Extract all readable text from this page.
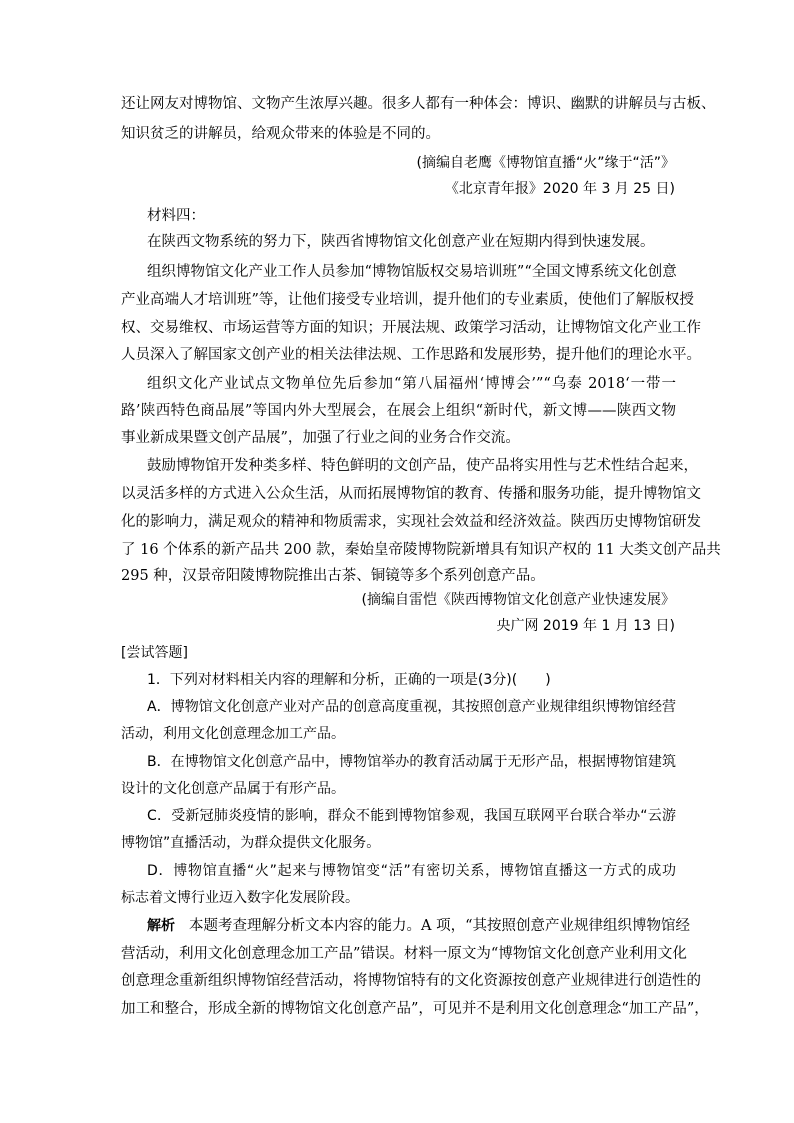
还让网友对博物馆、文物产生浓厚兴趣。很多人都有一种体会：博识、幽默的讲解员与古板、
知识贫乏的讲解员，给观众带来的体验是不同的。
(摘编自老鹰《博物馆直播“火”缘于“活”》
《北京青年报》2020 年 3 月 25 日)
材料四：
在陕西文物系统的努力下，陕西省博物馆文化创意产业在短期内得到快速发展。
组织博物馆文化产业工作人员参加“博物馆版权交易培训班”“全国文博系统文化创意
产业高端人才培训班”等，让他们接受专业培训，提升他们的专业素质，使他们了解版权授
权、交易维权、市场运营等方面的知识；开展法规、政策学习活动，让博物馆文化产业工作
人员深入了解国家文创产业的相关法律法规、工作思路和发展形势，提升他们的理论水平。
组织文化产业试点文物单位先后参加“第八届福州‘博博会’”“乌泰 2018‘一带一
路’陕西特色商品展”等国内外大型展会，在展会上组织“新时代，新文博——陕西文物
事业新成果暨文创产品展”，加强了行业之间的业务合作交流。
鼓励博物馆开发种类多样、特色鲜明的文创产品，使产品将实用性与艺术性结合起来，
以灵活多样的方式进入公众生活，从而拓展博物馆的教育、传播和服务功能，提升博物馆文
化的影响力，满足观众的精神和物质需求，实现社会效益和经济效益。陕西历史博物馆研发
了 16 个体系的新产品共 200 款，秦始皇帝陵博物院新增具有知识产权的 11 大类文创产品共
295 种，汉景帝阳陵博物院推出古茶、铜镜等多个系列创意产品。
(摘编自雷恺《陕西博物馆文化创意产业快速发展》
央广网 2019 年 1 月 13 日)
[尝试答题]
1．下列对材料相关内容的理解和分析，正确的一项是(3分)(　　)
A．博物馆文化创意产业对产品的创意高度重视，其按照创意产业规律组织博物馆经营
活动，利用文化创意理念加工产品。
B．在博物馆文化创意产品中，博物馆举办的教育活动属于无形产品，根据博物馆建筑
设计的文化创意产品属于有形产品。
C．受新冠肺炎疫情的影响，群众不能到博物馆参观，我国互联网平台联合举办“云游
博物馆”直播活动，为群众提供文化服务。
D．博物馆直播“火”起来与博物馆变“活”有密切关系，博物馆直播这一方式的成功
标志着文博行业迈入数字化发展阶段。
解析 本题考查理解分析文本内容的能力。A 项，“其按照创意产业规律组织博物馆经
营活动，利用文化创意理念加工产品”错误。材料一原文为“博物馆文化创意产业利用文化
创意理念重新组织博物馆经营活动，将博物馆特有的文化资源按创意产业规律进行创造性的
加工和整合，形成全新的博物馆文化创意产品”，可见并不是利用文化创意理念“加工产品”，
